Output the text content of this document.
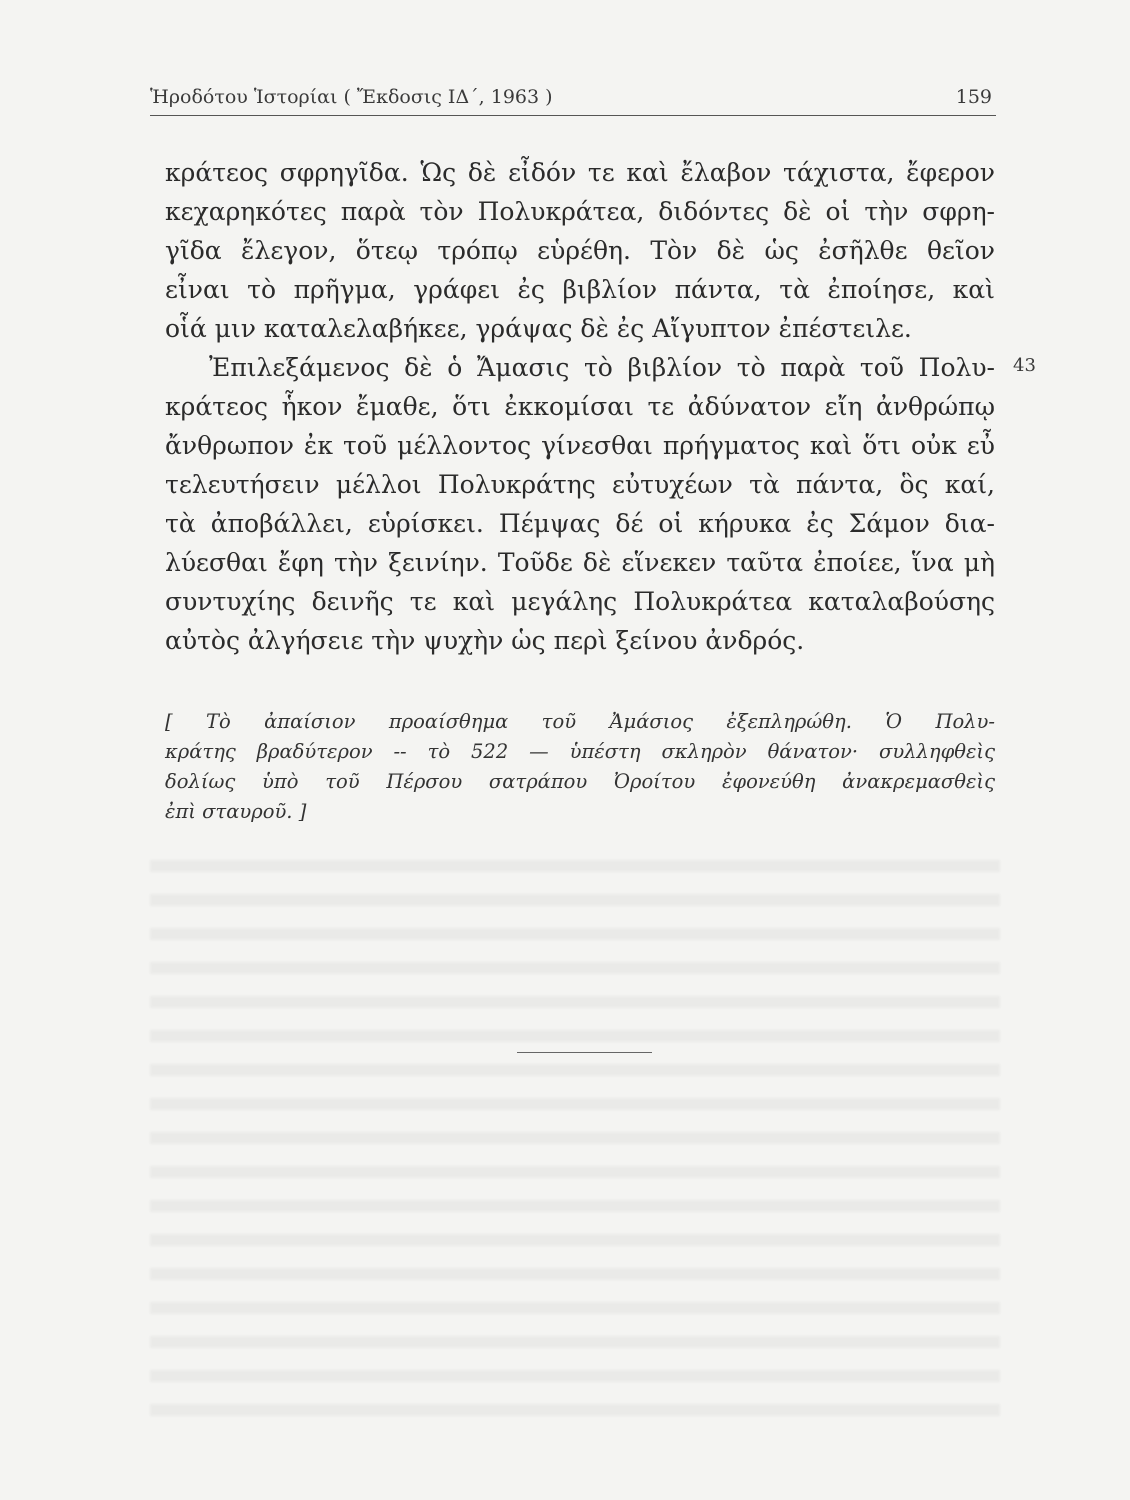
Ἡροδότου Ἱστορίαι ( Ἔκδοσις ΙΔ΄, 1963 )	159
43
κράτεος σφρηγῖδα. Ὡς δὲ εἶδόν τε καὶ ἔλαβον τάχιστα, ἔφερον
κεχαρηκότες παρὰ τὸν Πολυκράτεα, διδόντες δὲ οἱ τὴν σφρη-
γῖδα ἔλεγον, ὅτεῳ τρόπῳ εὑρέθη. Τὸν δὲ ὡς ἐσῆλθε θεῖον
εἶναι τὸ πρῆγμα, γράφει ἐς βιβλίον πάντα, τὰ ἐποίησε, καὶ
οἷά μιν καταλελαβήκεε, γράψας δὲ ἐς Αἴγυπτον ἐπέστειλε.
Ἐπιλεξάμενος δὲ ὁ Ἄμασις τὸ βιβλίον τὸ παρὰ τοῦ Πολυ-
κράτεος ἧκον ἔμαθε, ὅτι ἐκκομίσαι τε ἀδύνατον εἴη ἀνθρώπῳ
ἄνθρωπον ἐκ τοῦ μέλλοντος γίνεσθαι πρήγματος καὶ ὅτι οὐκ εὖ
τελευτήσειν μέλλοι Πολυκράτης εὐτυχέων τὰ πάντα, ὃς καί,
τὰ ἀποβάλλει, εὑρίσκει. Πέμψας δέ οἱ κήρυκα ἐς Σάμον δια-
λύεσθαι ἔφη τὴν ξεινίην. Τοῦδε δὲ εἵνεκεν ταῦτα ἐποίεε, ἵνα μὴ
συντυχίης δεινῆς τε καὶ μεγάλης Πολυκράτεα καταλαβούσης
αὐτὸς ἀλγήσειε τὴν ψυχὴν ὡς περὶ ξείνου ἀνδρός.
[ Τὸ ἀπαίσιον προαίσθημα τοῦ Ἀμάσιος ἐξεπληρώθη. Ὁ Πολυ-
κράτης βραδύτερον -- τὸ 522 — ὑπέστη σκληρὸν θάνατον· συλληφθεὶς
δολίως ὑπὸ τοῦ Πέρσου σατράπου Ὀροίτου ἐφονεύθη ἀνακρεμασθεὶς
ἐπὶ σταυροῦ. ]
